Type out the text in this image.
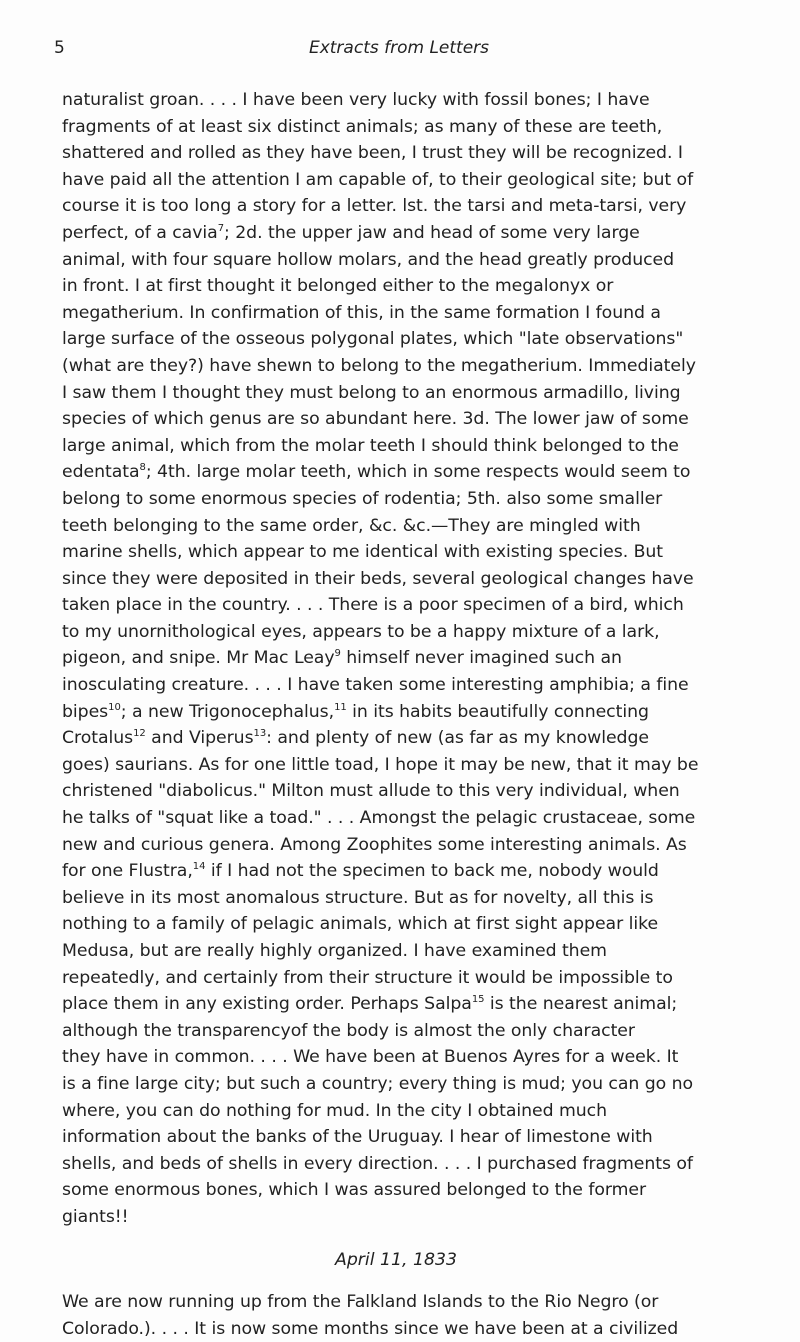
5	Extracts from Letters
naturalist groan. . . . I have been very lucky with fossil bones; I have
fragments of at least six distinct animals; as many of these are teeth,
shattered and rolled as they have been, I trust they will be recognized. I
have paid all the attention I am capable of, to their geological site; but of
course it is too long a story for a letter. lst. the tarsi and meta-tarsi, very
perfect, of a cavia$^7$; 2d. the upper jaw and head of some very large
animal, with four square hollow molars, and the head greatly produced
in front. I at first thought it belonged either to the megalonyx or
megatherium. In confirmation of this, in the same formation I found a
large surface of the osseous polygonal plates, which "late observations"
(what are they?) have shewn to belong to the megatherium. Immediately
I saw them I thought they must belong to an enormous armadillo, living
species of which genus are so abundant here. 3d. The lower jaw of some
large animal, which from the molar teeth I should think belonged to the
edentata$^8$; 4th. large molar teeth, which in some respects would seem to
belong to some enormous species of rodentia; 5th. also some smaller
teeth belonging to the same order, &c. &c.—They are mingled with
marine shells, which appear to me identical with existing species. But
since they were deposited in their beds, several geological changes have
taken place in the country. . . . There is a poor specimen of a bird, which
to my unornithological eyes, appears to be a happy mixture of a lark,
pigeon, and snipe. Mr Mac Leay$^9$ himself never imagined such an
inosculating creature. . . . I have taken some interesting amphibia; a fine
bipes$^{10}$; a new Trigonocephalus,$^{11}$ in its habits beautifully connecting
Crotalus$^{12}$ and Viperus$^{13}$: and plenty of new (as far as my knowledge
goes) saurians. As for one little toad, I hope it may be new, that it may be
christened "diabolicus." Milton must allude to this very individual, when
he talks of "squat like a toad." . . . Amongst the pelagic crustaceae, some
new and curious genera. Among Zoophites some interesting animals. As
for one Flustra,$^{14}$ if I had not the specimen to back me, nobody would
believe in its most anomalous structure. But as for novelty, all this is
nothing to a family of pelagic animals, which at first sight appear like
Medusa, but are really highly organized. I have examined them
repeatedly, and certainly from their structure it would be impossible to
place them in any existing order. Perhaps Salpa$^{15}$ is the nearest animal;
although the transparencyof the body is almost the only character
they have in common. . . . We have been at Buenos Ayres for a week. It
is a fine large city; but such a country; every thing is mud; you can go no
where, you can do nothing for mud. In the city I obtained much
information about the banks of the Uruguay. I hear of limestone with
shells, and beds of shells in every direction. . . . I purchased fragments of
some enormous bones, which I was assured belonged to the former
giants!!
April 11, 1833
We are now running up from the Falkland Islands to the Rio Negro (or
Colorado.). . . . It is now some months since we have been at a civilized
